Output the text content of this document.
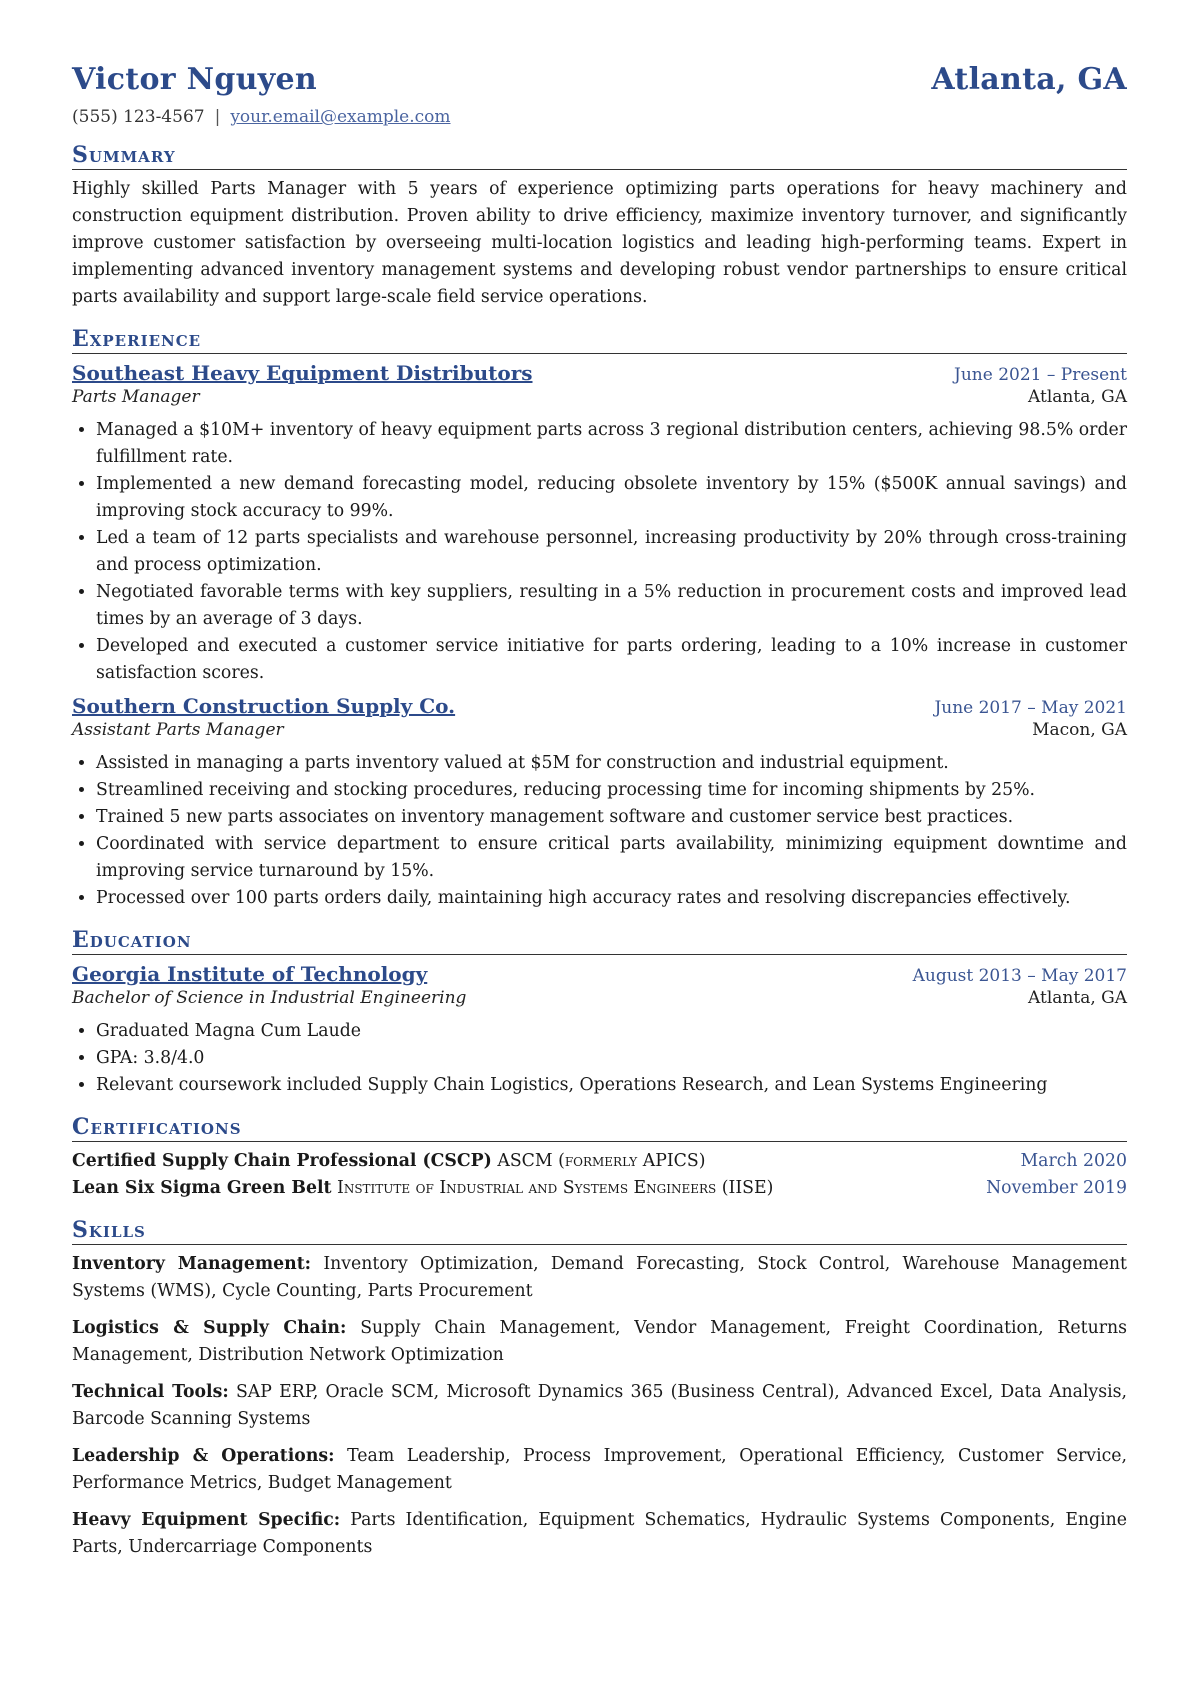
Victor Nguyen	Atlanta, GA
(555) 123-4567 | your.email@example.com
Summary
Highly skilled Parts Manager with 5 years of experience optimizing parts operations for heavy machinery and construction equipment distribution. Proven ability to drive efficiency, maximize inventory turnover, and significantly improve customer satisfaction by overseeing multi-location logistics and leading high-performing teams. Expert in implementing advanced inventory management systems and developing robust vendor partnerships to ensure critical parts availability and support large-scale field service operations.
Experience
Southeast Heavy Equipment Distributors	June 2021 – Present
Parts Manager	Atlanta, GA
• Managed a $10M+ inventory of heavy equipment parts across 3 regional distribution centers, achieving 98.5% order fulfillment rate.
• Implemented a new demand forecasting model, reducing obsolete inventory by 15% ($500K annual savings) and improving stock accuracy to 99%.
• Led a team of 12 parts specialists and warehouse personnel, increasing productivity by 20% through cross-training and process optimization.
• Negotiated favorable terms with key suppliers, resulting in a 5% reduction in procurement costs and improved lead times by an average of 3 days.
• Developed and executed a customer service initiative for parts ordering, leading to a 10% increase in customer satisfaction scores.
Southern Construction Supply Co.	June 2017 – May 2021
Assistant Parts Manager	Macon, GA
• Assisted in managing a parts inventory valued at $5M for construction and industrial equipment.
• Streamlined receiving and stocking procedures, reducing processing time for incoming shipments by 25%.
• Trained 5 new parts associates on inventory management software and customer service best practices.
• Coordinated with service department to ensure critical parts availability, minimizing equipment downtime and improving service turnaround by 15%.
• Processed over 100 parts orders daily, maintaining high accuracy rates and resolving discrepancies effectively.
Education
Georgia Institute of Technology	August 2013 – May 2017
Bachelor of Science in Industrial Engineering	Atlanta, GA
• Graduated Magna Cum Laude
• GPA: 3.8/4.0
• Relevant coursework included Supply Chain Logistics, Operations Research, and Lean Systems Engineering
Certifications
Certified Supply Chain Professional (CSCP) ASCM (formerly APICS)	March 2020
Lean Six Sigma Green Belt Institute of Industrial and Systems Engineers (IISE)	November 2019
Skills
Inventory Management: Inventory Optimization, Demand Forecasting, Stock Control, Warehouse Management Systems (WMS), Cycle Counting, Parts Procurement
Logistics & Supply Chain: Supply Chain Management, Vendor Management, Freight Coordination, Returns Management, Distribution Network Optimization
Technical Tools: SAP ERP, Oracle SCM, Microsoft Dynamics 365 (Business Central), Advanced Excel, Data Analysis, Barcode Scanning Systems
Leadership & Operations: Team Leadership, Process Improvement, Operational Efficiency, Customer Service, Performance Metrics, Budget Management
Heavy Equipment Specific: Parts Identification, Equipment Schematics, Hydraulic Systems Components, Engine Parts, Undercarriage Components
